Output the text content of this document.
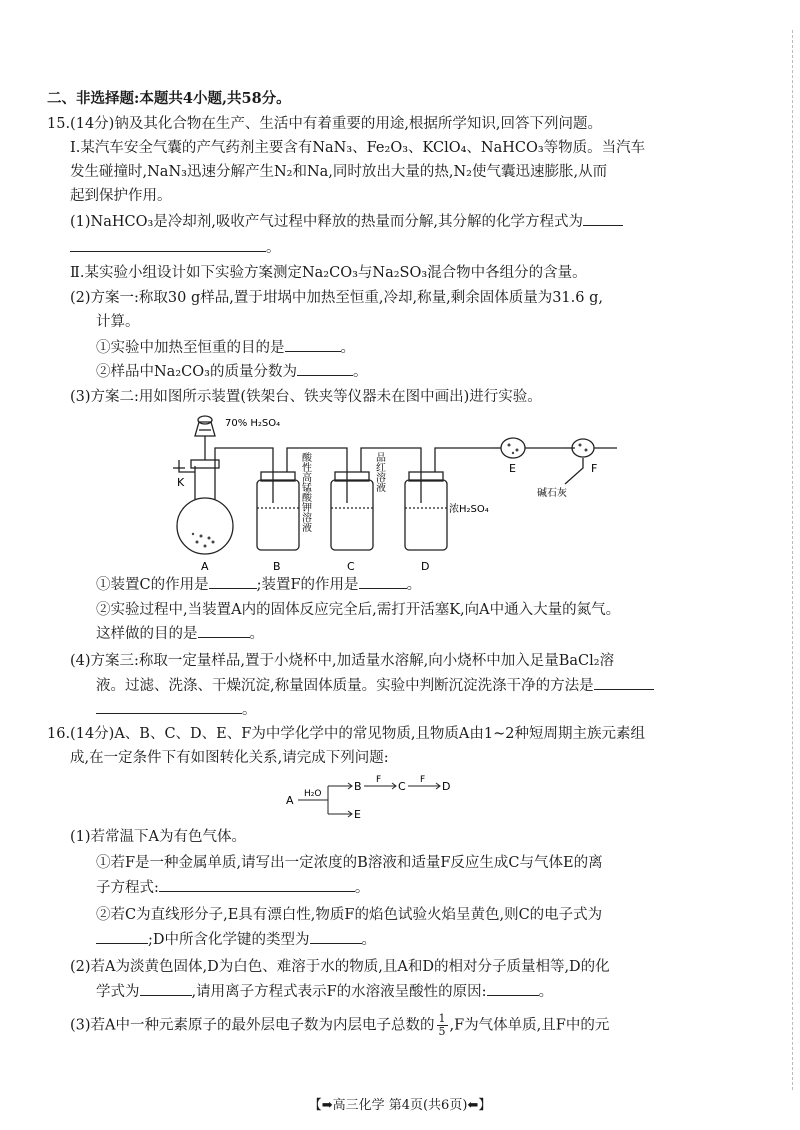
二、非选择题:本题共4小题,共58分。
15.(14分)钠及其化合物在生产、生活中有着重要的用途,根据所学知识,回答下列问题。
Ⅰ.某汽车安全气囊的产气药剂主要含有NaN₃、Fe₂O₃、KClO₄、NaHCO₃等物质。当汽车
发生碰撞时,NaN₃迅速分解产生N₂和Na,同时放出大量的热,N₂使气囊迅速膨胀,从而
起到保护作用。
(1)NaHCO₃是冷却剂,吸收产气过程中释放的热量而分解,其分解的化学方程式为
。
Ⅱ.某实验小组设计如下实验方案测定Na₂CO₃与Na₂SO₃混合物中各组分的含量。
(2)方案一:称取30 g样品,置于坩埚中加热至恒重,冷却,称量,剩余固体质量为31.6 g,
计算。
①实验中加热至恒重的目的是	。
②样品中Na₂CO₃的质量分数为	。
(3)方案二:用如图所示装置(铁架台、铁夹等仪器未在图中画出)进行实验。
70% H₂SO₄
K
A	B	C	D
E	F
酸性高锰酸钾溶液	品红溶液
浓H₂SO₄
碱石灰
①装置C的作用是	;装置F的作用是	。
②实验过程中,当装置A内的固体反应完全后,需打开活塞K,向A中通入大量的氮气。
这样做的目的是	。
(4)方案三:称取一定量样品,置于小烧杯中,加适量水溶解,向小烧杯中加入足量BaCl₂溶
液。过滤、洗涤、干燥沉淀,称量固体质量。实验中判断沉淀洗涤干净的方法是
。
16.(14分)A、B、C、D、E、F为中学化学中的常见物质,且物质A由1~2种短周期主族元素组
成,在一定条件下有如图转化关系,请完成下列问题:
A H₂O
B F C F D
E
(1)若常温下A为有色气体。
①若F是一种金属单质,请写出一定浓度的B溶液和适量F反应生成C与气体E的离
子方程式:	。
②若C为直线形分子,E具有漂白性,物质F的焰色试验火焰呈黄色,则C的电子式为
;D中所含化学键的类型为	。
(2)若A为淡黄色固体,D为白色、难溶于水的物质,且A和D的相对分子质量相等,D的化
学式为	,请用离子方程式表示F的水溶液呈酸性的原因:	。
(3)若A中一种元素原子的最外层电子数为内层电子总数的 $\frac{1}{5} ,F$为气体单质,且F中的元
【➡高三化学 第4页(共6页)⬅】
